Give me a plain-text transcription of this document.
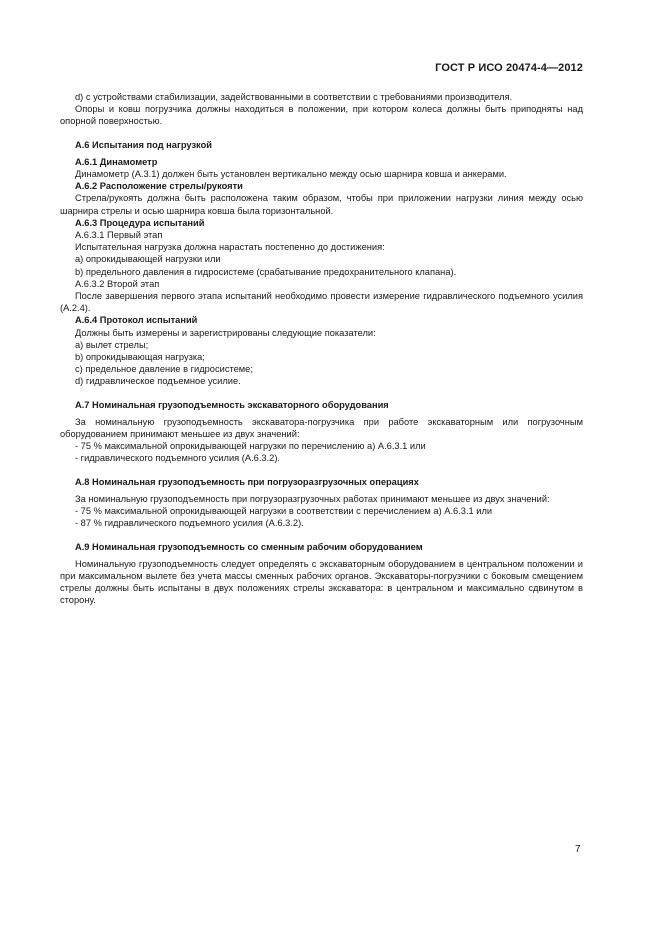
ГОСТ Р ИСО 20474-4—2012

d) с устройствами стабилизации, задействованными в соответствии с требованиями производителя.

Опоры и ковш погрузчика должны находиться в положении, при котором колеса должны быть приподняты над опорной поверхностью.

А.6 Испытания под нагрузкой

А.6.1 Динамометр

Динамометр (А.3.1) должен быть установлен вертикально между осью шарнира ковша и анкерами.

А.6.2 Расположение стрелы/рукояти

Стрела/рукоять должна быть расположена таким образом, чтобы при приложении нагрузки линия между осью шарнира стрелы и осью шарнира ковша была горизонтальной.

А.6.3 Процедура испытаний

А.6.3.1 Первый этап

Испытательная нагрузка должна нарастать постепенно до достижения:

а) опрокидывающей нагрузки или

b) предельного давления в гидросистеме (срабатывание предохранительного клапана).

А.6.3.2 Второй этап

После завершения первого этапа испытаний необходимо провести измерение гидравлического подъемного усилия (А.2.4).

А.6.4 Протокол испытаний

Должны быть измерены и зарегистрированы следующие показатели:

а) вылет стрелы;

b) опрокидывающая нагрузка;

с) предельное давление в гидросистеме;

d) гидравлическое подъемное усилие.

А.7 Номинальная грузоподъемность экскаваторного оборудования

За номинальную грузоподъемность экскаватора-погрузчика при работе экскаваторным или погрузочным оборудованием принимают меньшее из двух значений:

- 75 % максимальной опрокидывающей нагрузки по перечислению а) А.6.3.1 или

- гидравлического подъемного усилия (А.6.3.2).

А.8 Номинальная грузоподъемность при погрузоразгрузочных операциях

За номинальную грузоподъемность при погрузоразгрузочных работах принимают меньшее из двух значений:

- 75 % максимальной опрокидывающей нагрузки в соответствии с перечислением а) А.6.3.1 или

- 87 % гидравлического подъемного усилия (А.6.3.2).

А.9 Номинальная грузоподъемность со сменным рабочим оборудованием

Номинальную грузоподъемность следует определять с экскаваторным оборудованием в центральном положении и при максимальном вылете без учета массы сменных рабочих органов. Экскаваторы-погрузчики с боковым смещением стрелы должны быть испытаны в двух положениях стрелы экскаватора: в центральном и максимально сдвинутом в сторону.

7
